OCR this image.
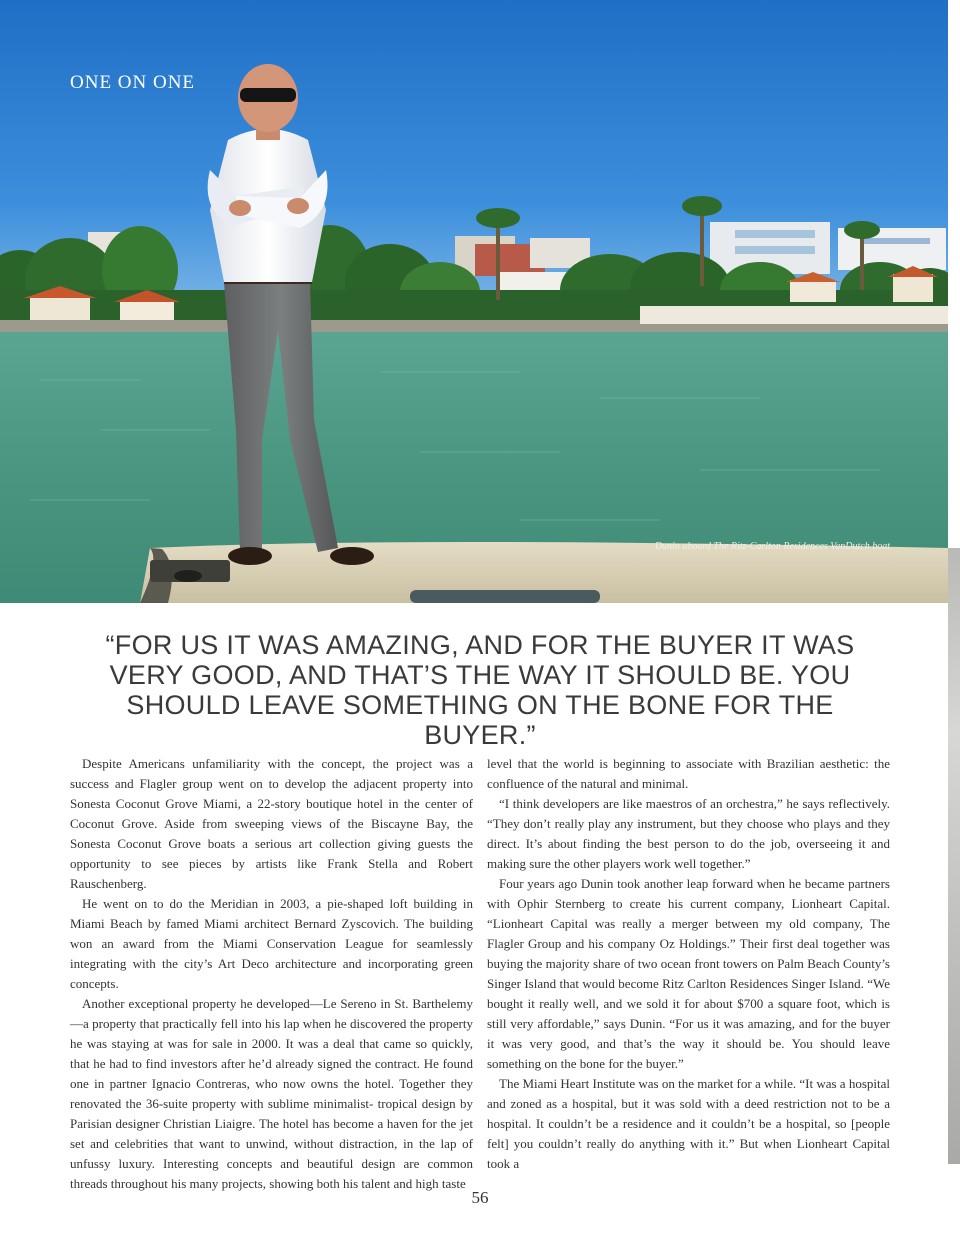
ONE ON ONE
Dunin aboard The Ritz-Carlton Residences VanDutch boat
“FOR US IT WAS AMAZING, AND FOR THE BUYER IT WAS VERY GOOD, AND THAT’S THE WAY IT SHOULD BE. YOU SHOULD LEAVE SOMETHING ON THE BONE FOR THE BUYER.”

Despite Americans unfamiliarity with the concept, the project was a success and Flagler group went on to develop the adjacent property into Sonesta Coconut Grove Miami, a 22-story boutique hotel in the center of Coconut Grove. Aside from sweeping views of the Biscayne Bay, the Sonesta Coconut Grove boats a serious art collection giving guests the opportunity to see pieces by artists like Frank Stella and Robert Rauschenberg.

He went on to do the Meridian in 2003, a pie-shaped loft building in Miami Beach by famed Miami architect Bernard Zyscovich. The building won an award from the Miami Conservation League for seamlessly integrating with the city’s Art Deco architecture and incorporating green concepts.

Another exceptional property he developed—Le Sereno in St. Barthelemy—a property that practically fell into his lap when he discovered the property he was staying at was for sale in 2000. It was a deal that came so quickly, that he had to find investors after he’d already signed the contract. He found one in partner Ignacio Contreras, who now owns the hotel. Together they renovated the 36-suite property with sublime minimalist- tropical design by Parisian designer Christian Liaigre. The hotel has become a haven for the jet set and celebrities that want to unwind, without distraction, in the lap of unfussy luxury. Interesting concepts and beautiful design are common threads throughout his many projects, showing both his talent and high taste

level that the world is beginning to associate with Brazilian aesthetic: the confluence of the natural and minimal.

“I think developers are like maestros of an orchestra,” he says reflectively. “They don’t really play any instrument, but they choose who plays and they direct. It’s about finding the best person to do the job, overseeing it and making sure the other players work well together.”

Four years ago Dunin took another leap forward when he became partners with Ophir Sternberg to create his current company, Lionheart Capital. “Lionheart Capital was really a merger between my old company, The Flagler Group and his company Oz Holdings.” Their first deal together was buying the majority share of two ocean front towers on Palm Beach County’s Singer Island that would become Ritz Carlton Residences Singer Island. “We bought it really well, and we sold it for about $700 a square foot, which is still very affordable,” says Dunin. “For us it was amazing, and for the buyer it was very good, and that’s the way it should be. You should leave something on the bone for the buyer.”

The Miami Heart Institute was on the market for a while. “It was a hospital and zoned as a hospital, but it was sold with a deed restriction not to be a hospital. It couldn’t be a residence and it couldn’t be a hospital, so [people felt] you couldn’t really do anything with it.” But when Lionheart Capital took a

56
